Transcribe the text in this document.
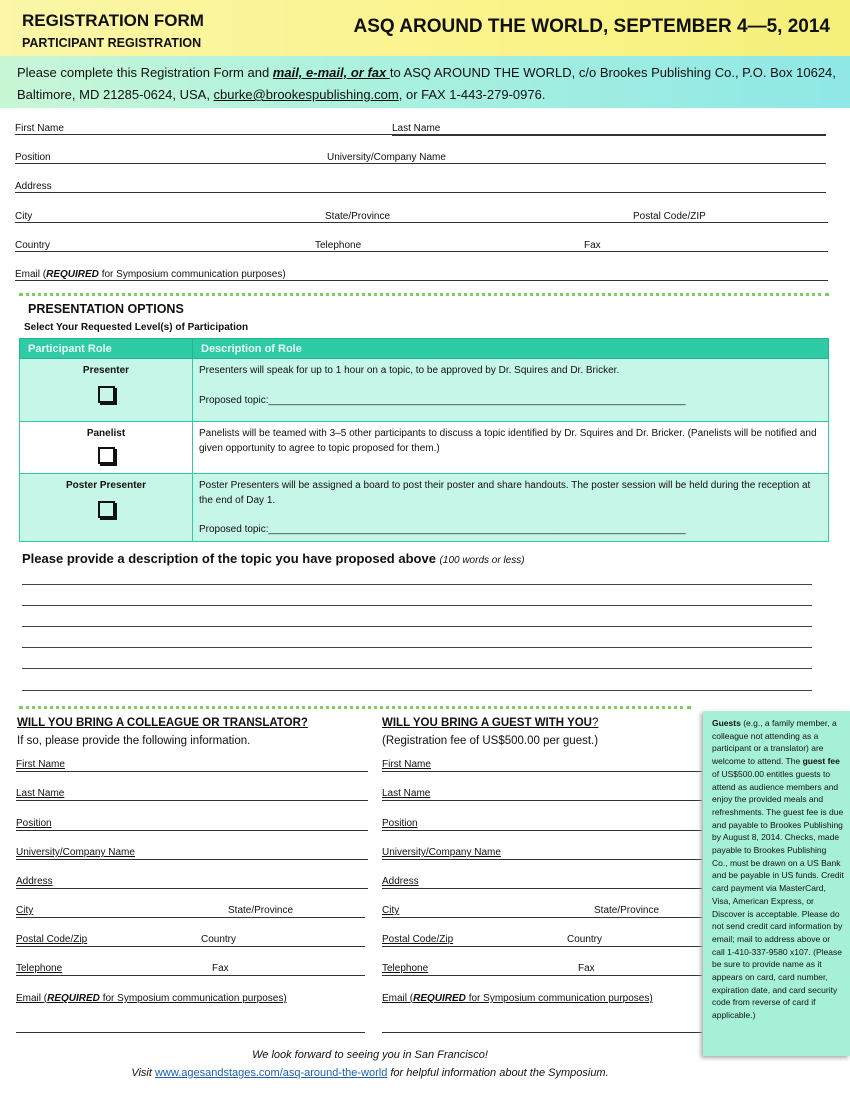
REGISTRATION FORM
PARTICIPANT REGISTRATION
ASQ AROUND THE WORLD, SEPTEMBER 4—5, 2014
Please complete this Registration Form and mail, e-mail, or fax to ASQ AROUND THE WORLD, c/o Brookes Publishing Co., P.O. Box 10624, Baltimore, MD 21285-0624, USA, cburke@brookespublishing.com, or FAX 1-443-279-0976.
First Name	Last Name
Position	University/Company Name
Address
City	State/Province	Postal Code/ZIP
Country	Telephone	Fax
Email (REQUIRED for Symposium communication purposes)
PRESENTATION OPTIONS
Select Your Requested Level(s) of Participation
Participant Role	Description of Role

Presenter	Presenters will speak for up to 1 hour on a topic, to be approved by Dr. Squires and Dr. Bricker.
Proposed topic:___________________________________________________________________________

Panelist	Panelists will be teamed with 3–5 other participants to discuss a topic identified by Dr. Squires and Dr. Bricker. (Panelists will be notified and given opportunity to agree to topic proposed for them.)

Poster Presenter	Poster Presenters will be assigned a board to post their poster and share handouts. The poster session will be held during the reception at the end of Day 1.
Proposed topic:___________________________________________________________________________
Please provide a description of the topic you have proposed above (100 words or less)
WILL YOU BRING A COLLEAGUE OR TRANSLATOR?
If so, please provide the following information.
First Name
Last Name
Position
University/Company Name
Address
City	State/Province
Postal Code/Zip	Country
Telephone	Fax
Email (REQUIRED for Symposium communication purposes)
WILL YOU BRING A GUEST WITH YOU?
(Registration fee of US$500.00 per guest.)
First Name
Last Name
Position
University/Company Name
Address
City	State/Province
Postal Code/Zip	Country
Telephone	Fax
Email (REQUIRED for Symposium communication purposes)
Guests (e.g., a family member, a colleague not attending as a participant or a translator) are welcome to attend. The guest fee of US$500.00 entitles guests to attend as audience members and enjoy the provided meals and refreshments. The guest fee is due and payable to Brookes Publishing by August 8, 2014. Checks, made payable to Brookes Publishing Co., must be drawn on a US Bank and be payable in US funds. Credit card payment via MasterCard, Visa, American Express, or Discover is acceptable. Please do not send credit card information by email; mail to address above or call 1-410-337-9580 x107. (Please be sure to provide name as it appears on card, card number, expiration date, and card security code from reverse of card if applicable.)
We look forward to seeing you in San Francisco!
Visit www.agesandstages.com/asq-around-the-world for helpful information about the Symposium.
